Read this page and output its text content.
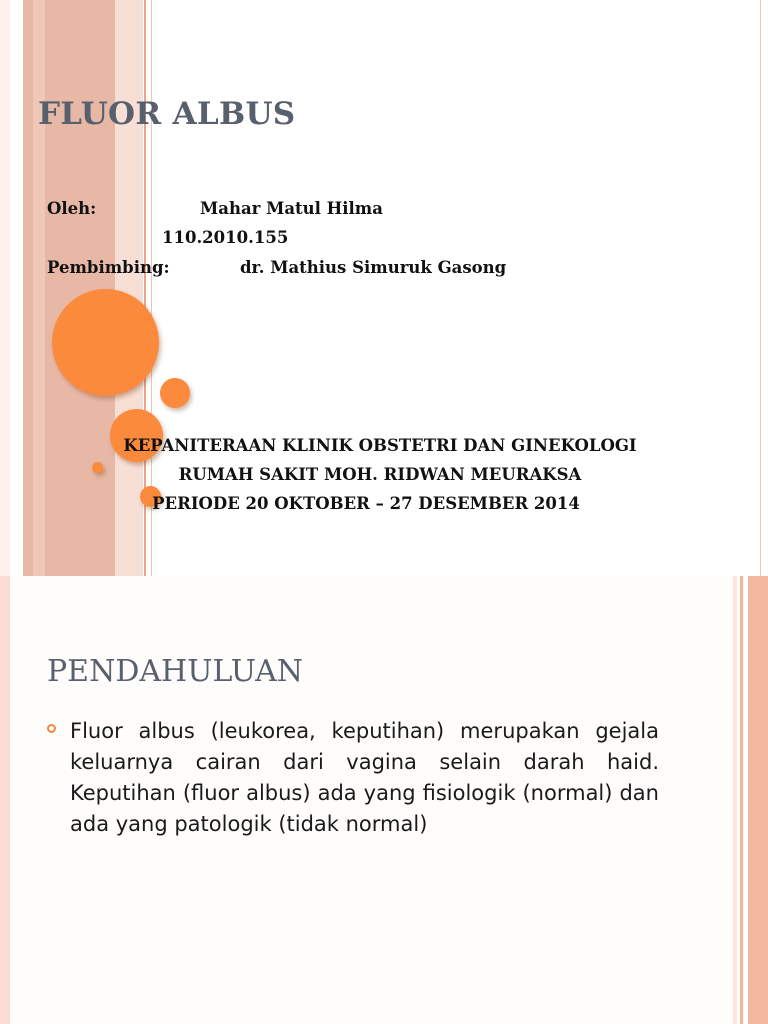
FLUOR ALBUS

Oleh:	Mahar Matul Hilma

110.2010.155

Pembimbing:	dr. Mathius Simuruk Gasong

KEPANITERAAN KLINIK OBSTETRI DAN GINEKOLOGI

RUMAH SAKIT MOH. RIDWAN MEURAKSA

PERIODE 20 OKTOBER – 27 DESEMBER 2014

PENDAHULUAN

Fluor albus (leukorea, keputihan) merupakan gejala keluarnya cairan dari vagina selain darah haid. Keputihan (fluor albus) ada yang fisiologik (normal) dan ada yang patologik (tidak normal)
